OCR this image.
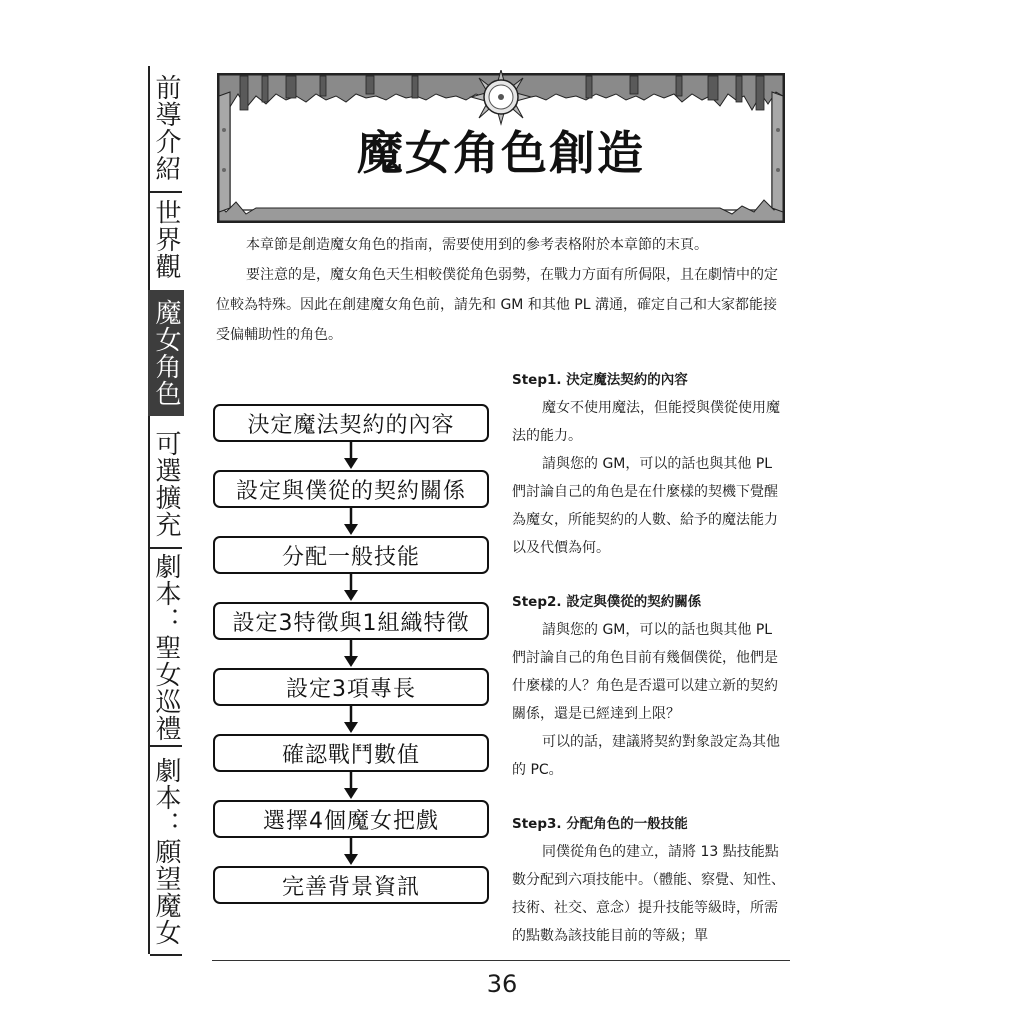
前導介紹
世界觀
魔女角色
可選擴充
劇本：聖女巡禮
劇本：願望魔女
魔女角色創造

本章節是創造魔女角色的指南，需要使用到的參考表格附於本章節的末頁。

要注意的是，魔女角色天生相較僕從角色弱勢，在戰力方面有所侷限，且在劇情中的定位較為特殊。因此在創建魔女角色前，請先和 GM 和其他 PL 溝通，確定自己和大家都能接受偏輔助性的角色。

決定魔法契約的內容
設定與僕從的契約關係
分配一般技能
設定3特徵與1組織特徵
設定3項專長
確認戰鬥數值
選擇4個魔女把戲
完善背景資訊

Step1. 決定魔法契約的內容

魔女不使用魔法，但能授與僕從使用魔法的能力。

請與您的 GM，可以的話也與其他 PL 們討論自己的角色是在什麼樣的契機下覺醒為魔女，所能契約的人數、給予的魔法能力以及代價為何。

Step2. 設定與僕從的契約關係

請與您的 GM，可以的話也與其他 PL 們討論自己的角色目前有幾個僕從，他們是什麼樣的人？角色是否還可以建立新的契約關係，還是已經達到上限？

可以的話，建議將契約對象設定為其他的 PC。

Step3. 分配角色的一般技能

同僕從角色的建立，請將 13 點技能點數分配到六項技能中。（體能、察覺、知性、技術、社交、意念）提升技能等級時，所需的點數為該技能目前的等級；單

36
